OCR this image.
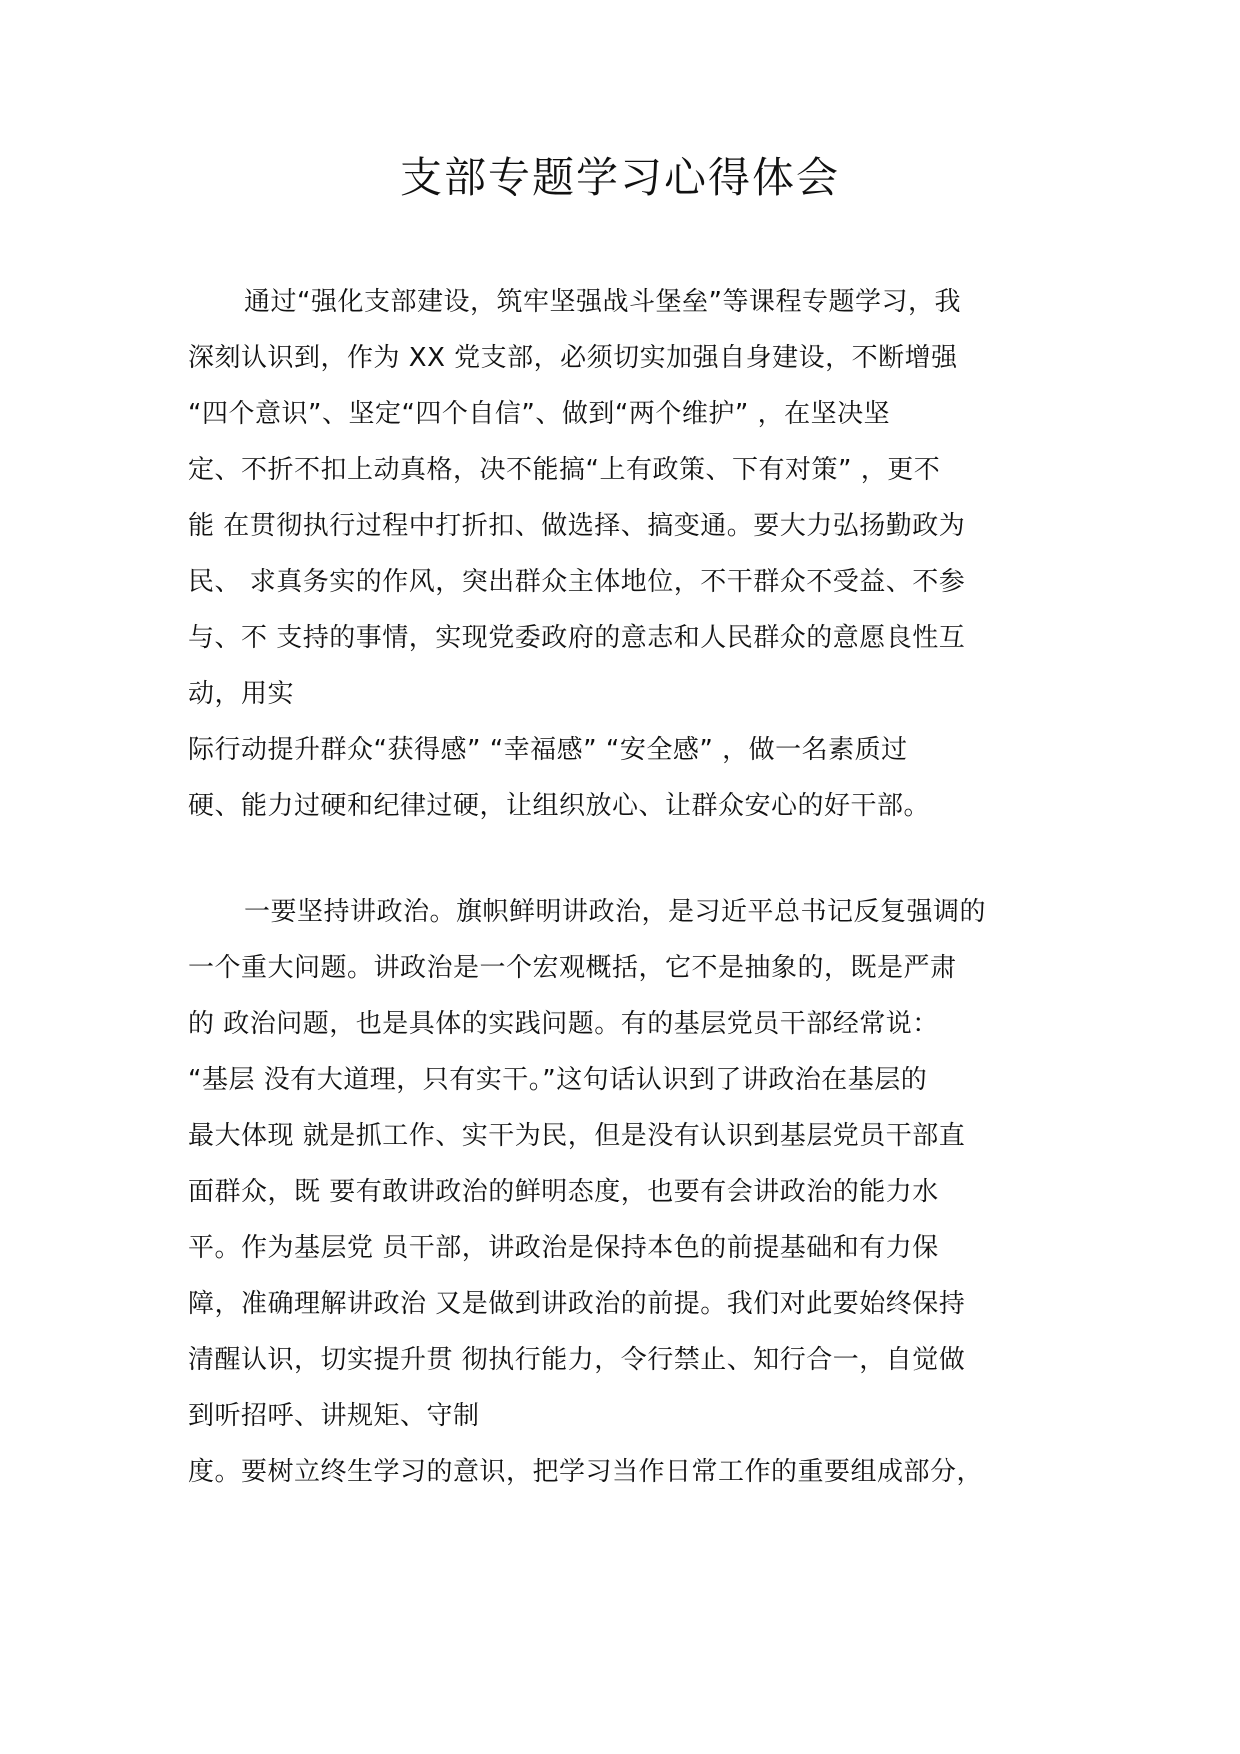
支部专题学习心得体会
通过“强化支部建设，筑牢坚强战斗堡垒”等课程专题学习，我
深刻认识到，作为 XX 党支部，必须切实加强自身建设，不断增强
“四个意识”、坚定“四个自信”、做到“两个维护” ，在坚决坚
定、不折不扣上动真格，决不能搞“上有政策、下有对策” ，更不
能 在贯彻执行过程中打折扣、做选择、搞变通。要大力弘扬勤政为
民、 求真务实的作风，突出群众主体地位，不干群众不受益、不参
与、不 支持的事情，实现党委政府的意志和人民群众的意愿良性互
动，用实
际行动提升群众“获得感” “幸福感” “安全感” ，做一名素质过
硬、能力过硬和纪律过硬，让组织放心、让群众安心的好干部。
一要坚持讲政治。旗帜鲜明讲政治，是习近平总书记反复强调的
一个重大问题。讲政治是一个宏观概括，它不是抽象的，既是严肃
的 政治问题，也是具体的实践问题。有的基层党员干部经常说：
“基层 没有大道理，只有实干。”这句话认识到了讲政治在基层的
最大体现 就是抓工作、实干为民，但是没有认识到基层党员干部直
面群众，既 要有敢讲政治的鲜明态度，也要有会讲政治的能力水
平。作为基层党 员干部，讲政治是保持本色的前提基础和有力保
障，准确理解讲政治 又是做到讲政治的前提。我们对此要始终保持
清醒认识，切实提升贯 彻执行能力，令行禁止、知行合一，自觉做
到听招呼、讲规矩、守制
度。要树立终生学习的意识，把学习当作日常工作的重要组成部分，
